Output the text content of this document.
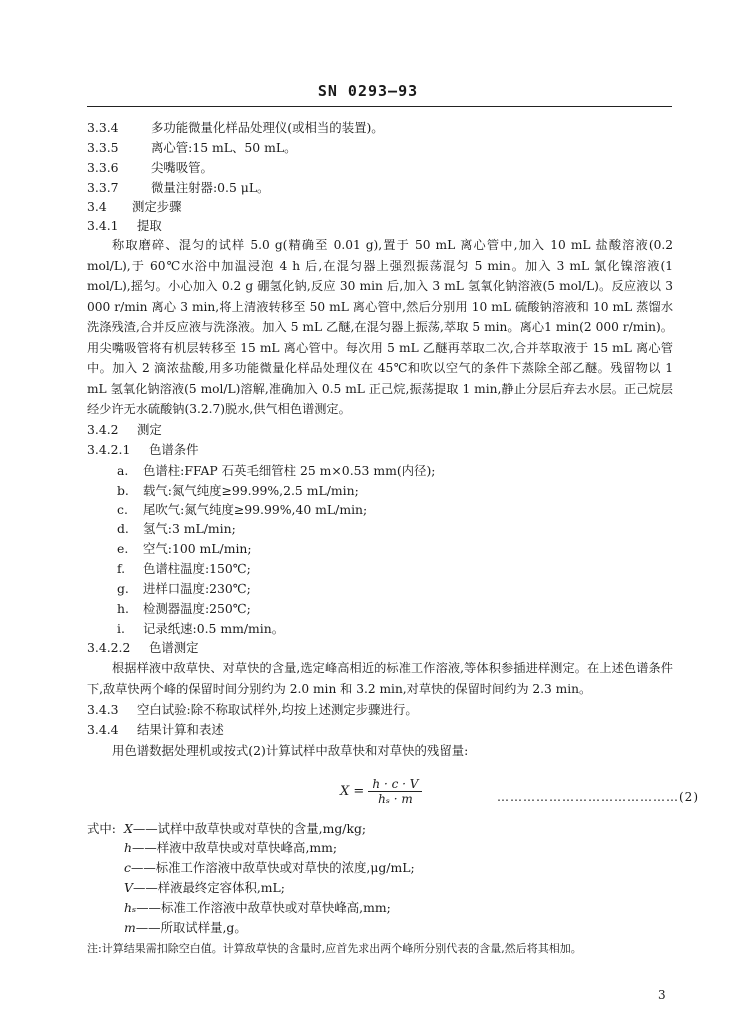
SN 0293—93
3.3.4	多功能微量化样品处理仪(或相当的装置)。
3.3.5	离心管:15 mL、50 mL。
3.3.6	尖嘴吸管。
3.3.7	微量注射器:0.5 μL。
3.4 测定步骤
3.4.1 提取
称取磨碎、混匀的试样 5.0 g(精确至 0.01 g),置于 50 mL 离心管中,加入 10 mL 盐酸溶液(0.2 mol/L),于 60℃水浴中加温浸泡 4 h 后,在混匀器上强烈振荡混匀 5 min。加入 3 mL 氯化镍溶液(1 mol/L),摇匀。小心加入 0.2 g 硼氢化钠,反应 30 min 后,加入 3 mL 氢氧化钠溶液(5 mol/L)。反应液以 3 000 r/min 离心 3 min,将上清液转移至 50 mL 离心管中,然后分别用 10 mL 硫酸钠溶液和 10 mL 蒸馏水洗涤残渣,合并反应液与洗涤液。加入 5 mL 乙醚,在混匀器上振荡,萃取 5 min。离心1 min(2 000 r/min)。用尖嘴吸管将有机层转移至 15 mL 离心管中。每次用 5 mL 乙醚再萃取二次,合并萃取液于 15 mL 离心管中。加入 2 滴浓盐酸,用多功能微量化样品处理仪在 45℃和吹以空气的条件下蒸除全部乙醚。残留物以 1 mL 氢氧化钠溶液(5 mol/L)溶解,准确加入 0.5 mL 正己烷,振荡提取 1 min,静止分层后弃去水层。正己烷层经少许无水硫酸钠(3.2.7)脱水,供气相色谱测定。
3.4.2 测定
3.4.2.1 色谱条件
a. 色谱柱:FFAP 石英毛细管柱 25 m×0.53 mm(内径);
b. 载气:氮气纯度≥99.99%,2.5 mL/min;
c. 尾吹气:氮气纯度≥99.99%,40 mL/min;
d. 氢气:3 mL/min;
e. 空气:100 mL/min;
f. 色谱柱温度:150℃;
g. 进样口温度:230℃;
h. 检测器温度:250℃;
i. 记录纸速:0.5 mm/min。
3.4.2.2 色谱测定
根据样液中敌草快、对草快的含量,选定峰高相近的标准工作溶液,等体积参插进样测定。在上述色谱条件下,敌草快两个峰的保留时间分别约为 2.0 min 和 3.2 min,对草快的保留时间约为 2.3 min。
3.4.3 空白试验:除不称取试样外,均按上述测定步骤进行。
3.4.4 结果计算和表述
用色谱数据处理机或按式(2)计算试样中敌草快和对草快的残留量:
$X = \frac{h \cdot c \cdot V}{\text{hₛ · m}}$	……………………………………(2)
式中: X——试样中敌草快或对草快的含量,mg/kg;
h——样液中敌草快或对草快峰高,mm;
c——标准工作溶液中敌草快或对草快的浓度,μg/mL;
V——样液最终定容体积,mL;
hₛ——标准工作溶液中敌草快或对草快峰高,mm;
m——所取试样量,g。
注:计算结果需扣除空白值。计算敌草快的含量时,应首先求出两个峰所分别代表的含量,然后将其相加。
3
